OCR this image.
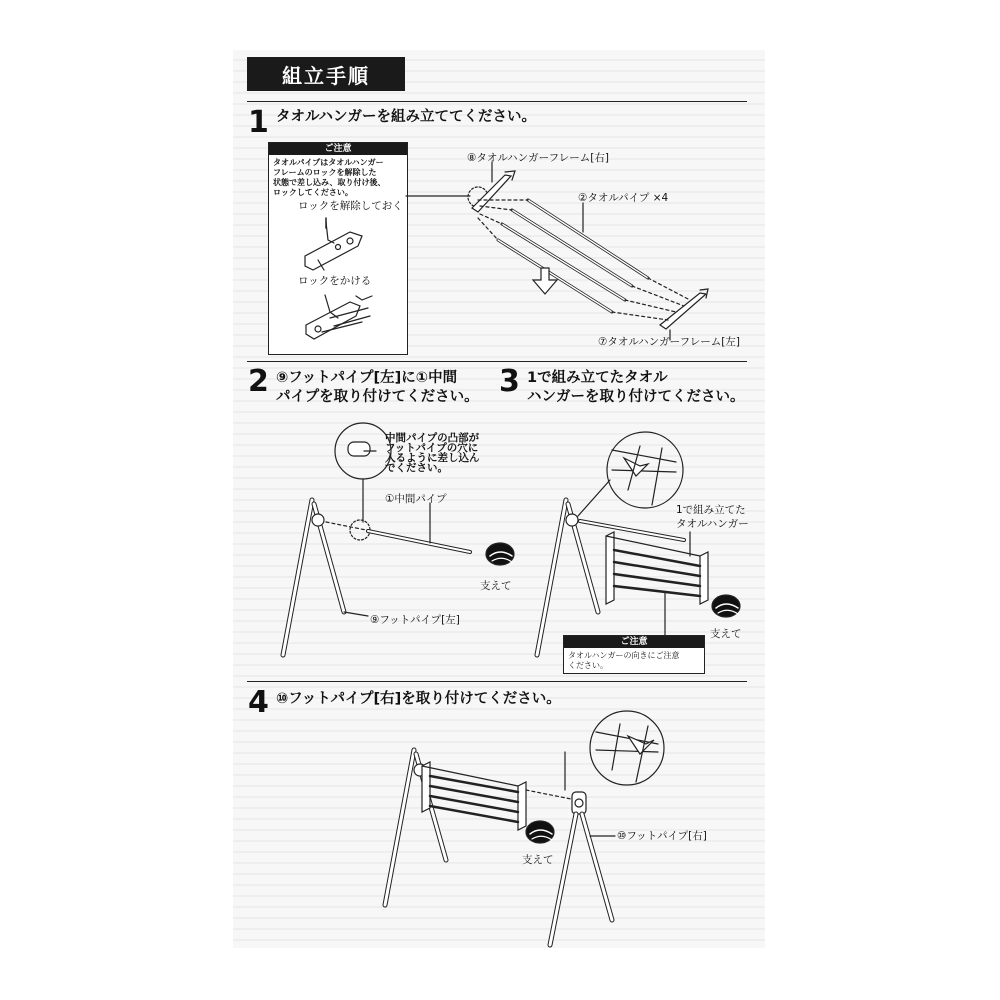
組立手順
1 タオルハンガーを組み立ててください。
ご注意
タオルパイプはタオルハンガー
フレームのロックを解除した
状態で差し込み、取り付け後、
ロックしてください。
ロックを解除しておく
ロックをかける
⑧タオルハンガーフレーム[右]
②タオルパイプ ×4
⑦タオルハンガーフレーム[左]
2 ⑨フットパイプ[左]に①中間
パイプを取り付けてください。
中間パイプの凸部が
フットパイプの穴に
入るように差し込ん
でください。
①中間パイプ
支えて
⑨フットパイプ[左]
3 1で組み立てたタオル
ハンガーを取り付けてください。
1で組み立てた
タオルハンガー
支えて
ご注意
タオルハンガーの向きにご注意
ください。
4 ⑩フットパイプ[右]を取り付けてください。
支えて
⑩フットパイプ[右]
